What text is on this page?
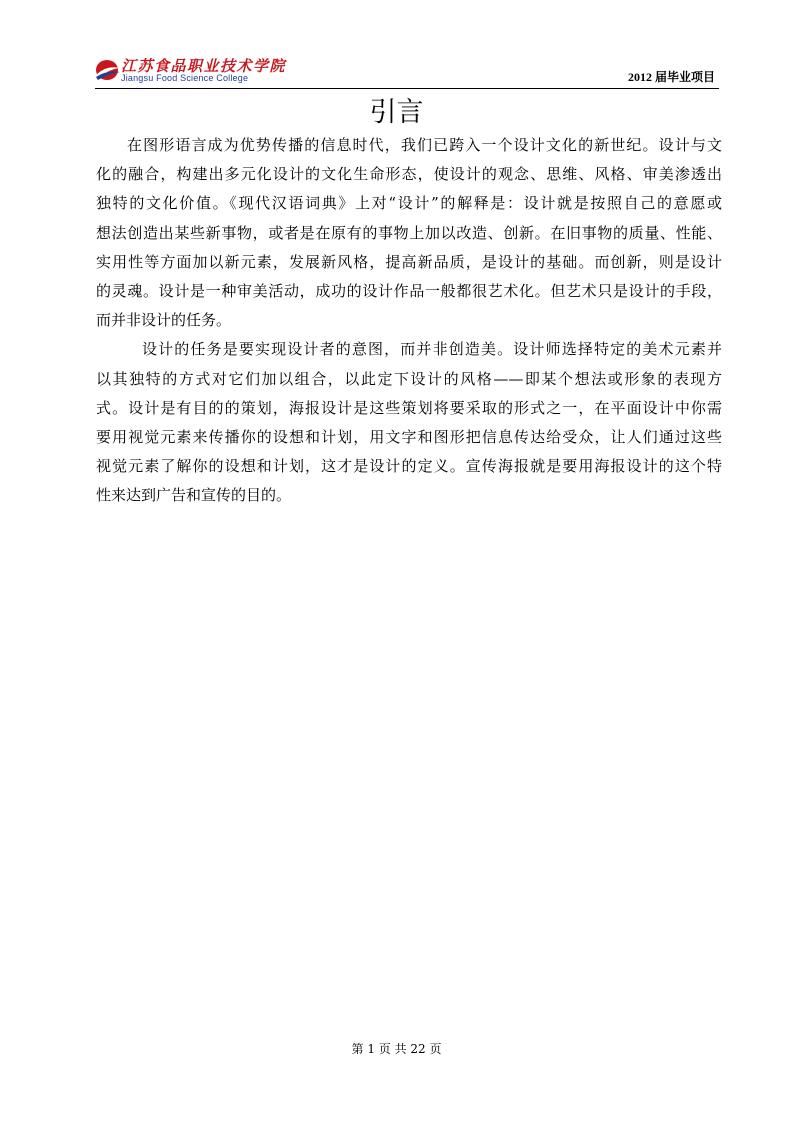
江苏食品职业技术学院
Jiangsu Food Science College	2012 届毕业项目
引言

在图形语言成为优势传播的信息时代，我们已跨入一个设计文化的新世纪。设计与文
化的融合，构建出多元化设计的文化生命形态，使设计的观念、思维、风格、审美渗透出
独特的文化价值。《现代汉语词典》上对“设计”的解释是：设计就是按照自己的意愿或
想法创造出某些新事物，或者是在原有的事物上加以改造、创新。在旧事物的质量、性能、
实用性等方面加以新元素，发展新风格，提高新品质，是设计的基础。而创新，则是设计
的灵魂。设计是一种审美活动，成功的设计作品一般都很艺术化。但艺术只是设计的手段，
而并非设计的任务。

设计的任务是要实现设计者的意图，而并非创造美。设计师选择特定的美术元素并
以其独特的方式对它们加以组合，以此定下设计的风格——即某个想法或形象的表现方
式。设计是有目的的策划，海报设计是这些策划将要采取的形式之一，在平面设计中你需
要用视觉元素来传播你的设想和计划，用文字和图形把信息传达给受众，让人们通过这些
视觉元素了解你的设想和计划，这才是设计的定义。宣传海报就是要用海报设计的这个特
性来达到广告和宣传的目的。

第 1 页 共 22 页
